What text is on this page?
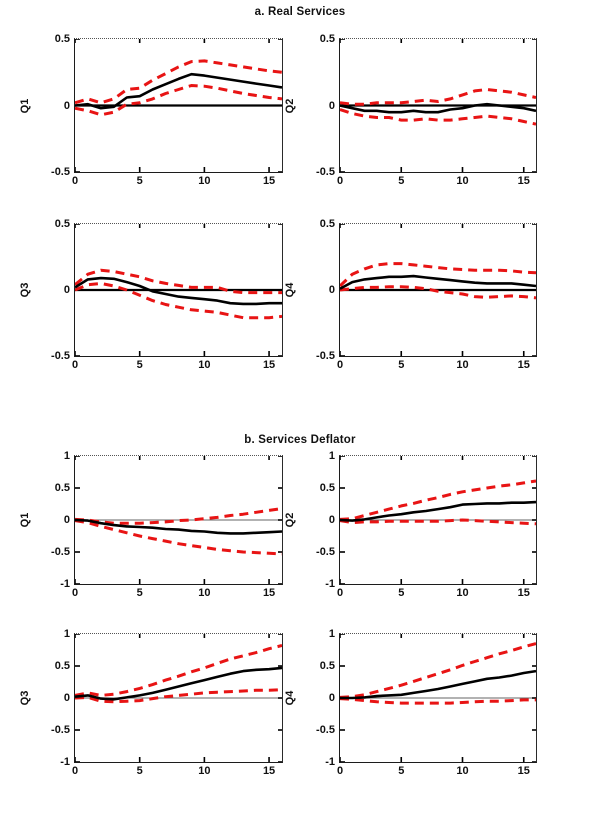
a. Real Services
Q1
0.5
0
-0.5
0	5	10	15
Q2
0.5
0
-0.5
0	5	10	15
Q3
0.5
0
-0.5
0	5	10	15
Q4
0.5
0
-0.5
0	5	10	15
b. Services Deflator
Q1
1
0.5
0
-0.5
-1
0	5	10	15
Q2
1
0.5
0
-0.5
-1
0	5	10	15
Q3
1
0.5
0
-0.5
-1
0	5	10	15
Q4
1
0.5
0
-0.5
-1
0	5	10	15
